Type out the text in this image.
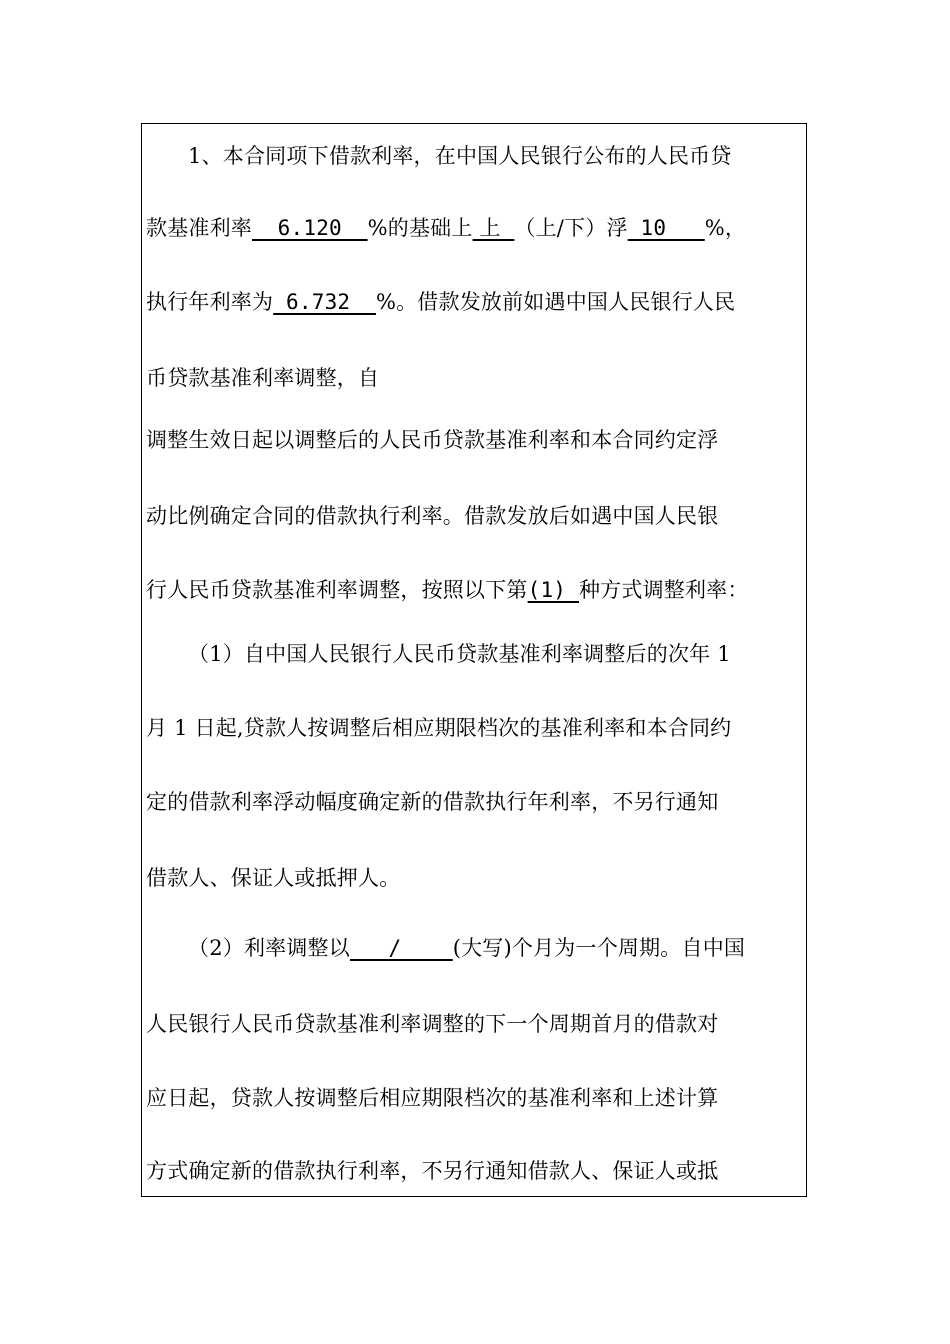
1、本合同项下借款利率，在中国人民银行公布的人民币贷
款基准利率  6.120  %的基础上 上  （上/下）浮 10   %，
执行年利率为 6.732  %。借款发放前如遇中国人民银行人民
币贷款基准利率调整，自
调整生效日起以调整后的人民币贷款基准利率和本合同约定浮
动比例确定合同的借款执行利率。借款发放后如遇中国人民银
行人民币贷款基准利率调整，按照以下第(1) 种方式调整利率：
（1）自中国人民银行人民币贷款基准利率调整后的次年 1
月 1 日起,贷款人按调整后相应期限档次的基准利率和本合同约
定的借款利率浮动幅度确定新的借款执行年利率，不另行通知
借款人、保证人或抵押人。
（2）利率调整以   /    (大写)个月为一个周期。自中国
人民银行人民币贷款基准利率调整的下一个周期首月的借款对
应日起，贷款人按调整后相应期限档次的基准利率和上述计算
方式确定新的借款执行利率，不另行通知借款人、保证人或抵
